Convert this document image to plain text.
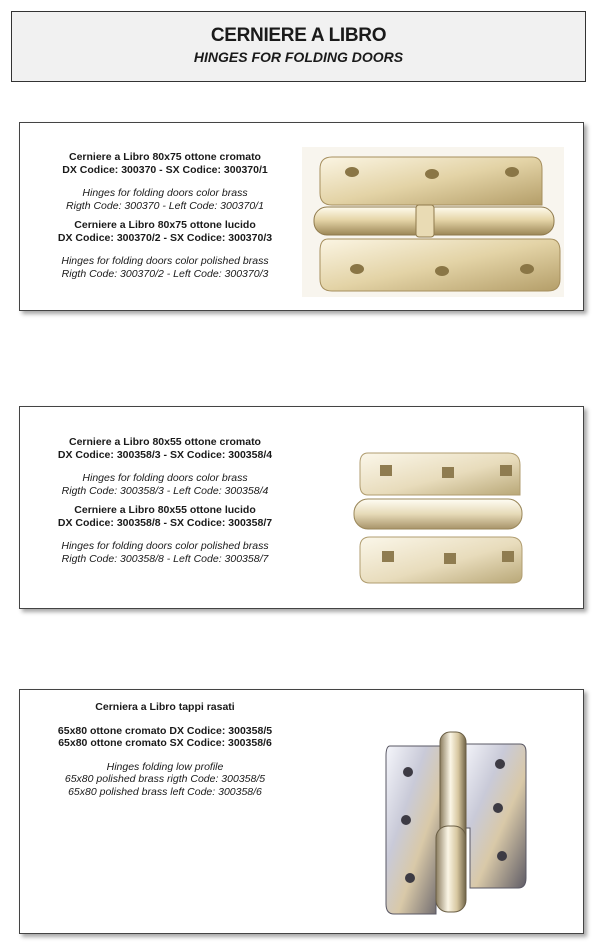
CERNIERE A LIBRO
HINGES FOR FOLDING DOORS

Cerniere a Libro 80x75 ottone cromato

DX Codice: 300370 - SX Codice: 300370/1

Hinges for folding doors color brass

Rigth Code: 300370 - Left Code: 300370/1

Cerniere a Libro 80x75 ottone lucido

DX Codice: 300370/2 - SX Codice: 300370/3

Hinges for folding doors color polished brass

Rigth Code: 300370/2 - Left Code: 300370/3

Cerniere a Libro 80x55 ottone cromato

DX Codice: 300358/3 - SX Codice: 300358/4

Hinges for folding doors color brass

Rigth Code: 300358/3 - Left Code: 300358/4

Cerniere a Libro 80x55 ottone lucido

DX Codice: 300358/8 - SX Codice: 300358/7

Hinges for folding doors color polished brass

Rigth Code: 300358/8 - Left Code: 300358/7

Cerniera a Libro tappi rasati

65x80 ottone cromato DX Codice: 300358/5

65x80 ottone cromato SX Codice: 300358/6

Hinges folding low profile

65x80 polished brass rigth Code: 300358/5

65x80 polished brass left Code: 300358/6
